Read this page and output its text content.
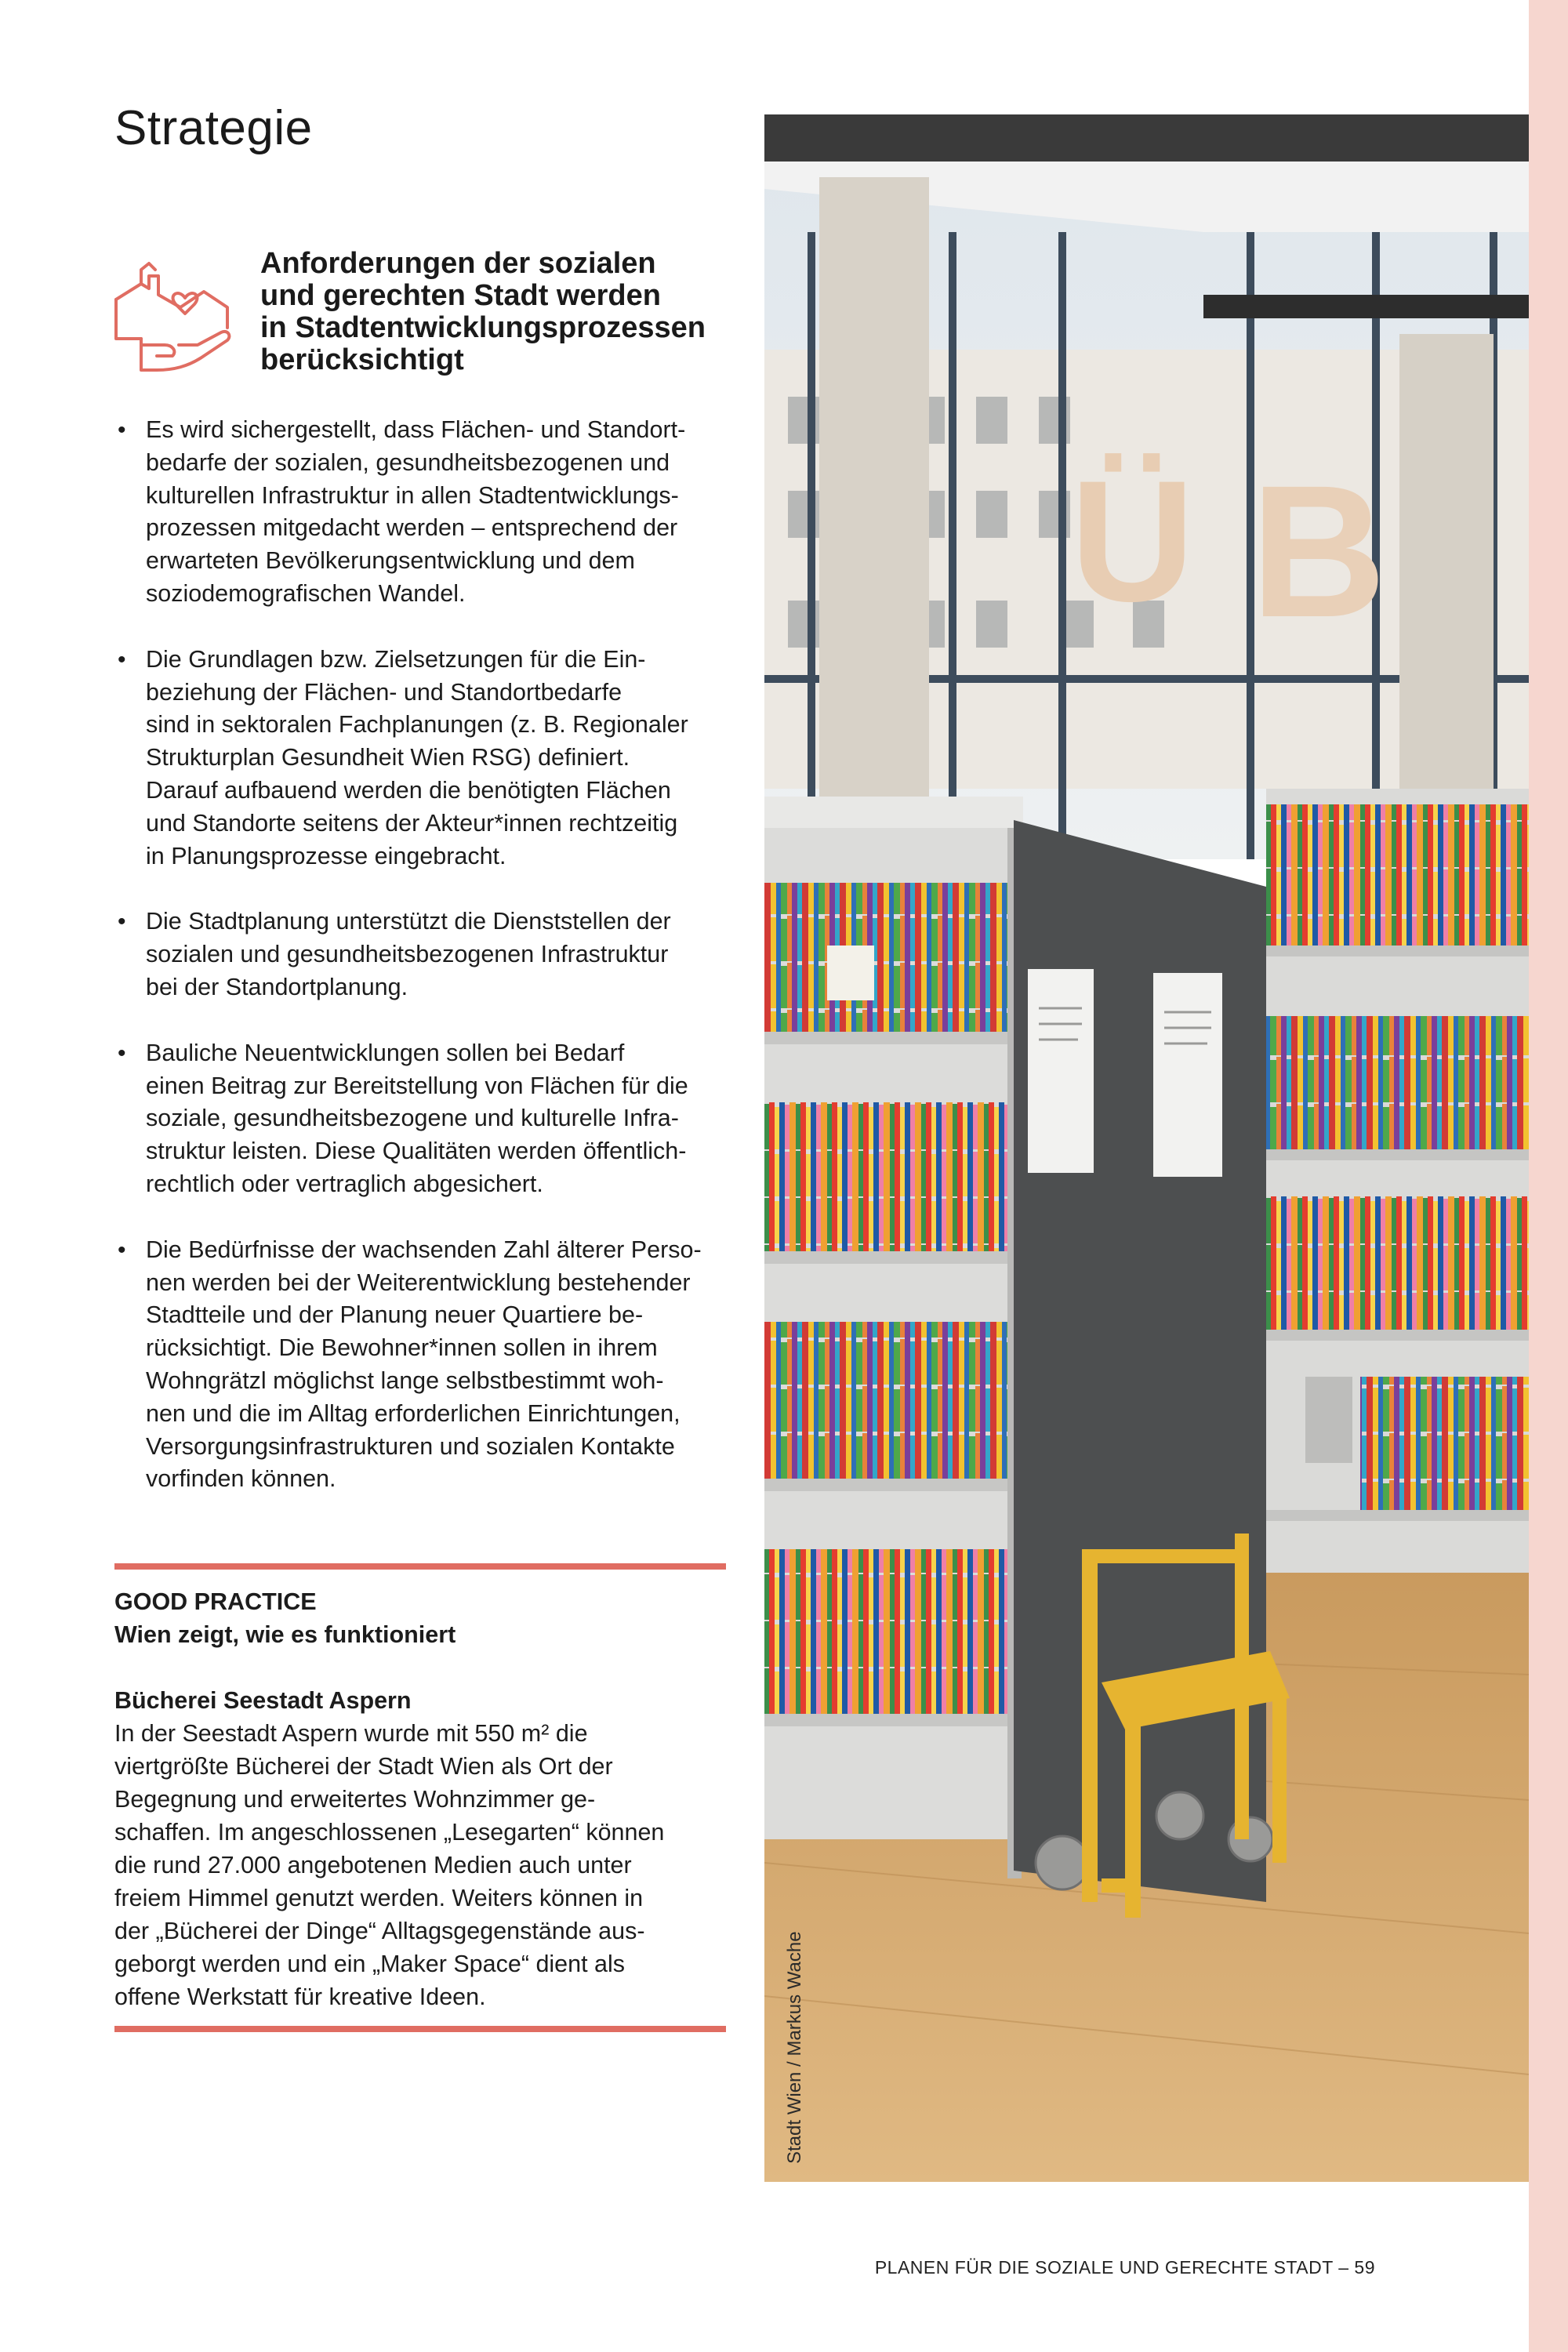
Strategie
Anforderungen der sozialen
und gerechten Stadt werden
in Stadtentwicklungsprozessen
berücksichtigt
• Es wird sichergestellt, dass Flächen- und Standort-
bedarfe der sozialen, gesundheitsbezogenen und
kulturellen Infrastruktur in allen Stadtentwicklungs-
prozessen mitgedacht werden – entsprechend der
erwarteten Bevölkerungsentwicklung und dem
soziodemografischen Wandel.
• Die Grundlagen bzw. Zielsetzungen für die Ein-
beziehung der Flächen- und Standortbedarfe
sind in sektoralen Fachplanungen (z. B. Regionaler
Strukturplan Gesundheit Wien RSG) definiert.
Darauf aufbauend werden die benötigten Flächen
und Standorte seitens der Akteur*innen rechtzeitig
in Planungsprozesse eingebracht.
• Die Stadtplanung unterstützt die Dienststellen der
sozialen und gesundheitsbezogenen Infrastruktur
bei der Standortplanung.
• Bauliche Neuentwicklungen sollen bei Bedarf
einen Beitrag zur Bereitstellung von Flächen für die
soziale, gesundheitsbezogene und kulturelle Infra-
struktur leisten. Diese Qualitäten werden öffentlich-
rechtlich oder vertraglich abgesichert.
• Die Bedürfnisse der wachsenden Zahl älterer Perso-
nen werden bei der Weiterentwicklung bestehender
Stadtteile und der Planung neuer Quartiere be-
rücksichtigt. Die Bewohner*innen sollen in ihrem
Wohngrätzl möglichst lange selbstbestimmt woh-
nen und die im Alltag erforderlichen Einrichtungen,
Versorgungsinfrastrukturen und sozialen Kontakte
vorfinden können.

GOOD PRACTICE

Wien zeigt, wie es funktioniert

Bücherei Seestadt Aspern

In der Seestadt Aspern wurde mit 550 m² die
viertgrößte Bücherei der Stadt Wien als Ort der
Begegnung und erweitertes Wohnzimmer ge-
schaffen. Im angeschlossenen „Lesegarten“ können
die rund 27.000 angebotenen Medien auch unter
freiem Himmel genutzt werden. Weiters können in
der „Bücherei der Dinge“ Alltagsgegenstände aus-
geborgt werden und ein „Maker Space“ dient als
offene Werkstatt für kreative Ideen.

Ü B
Stadt Wien / Markus Wache
PLANEN FÜR DIE SOZIALE UND GERECHTE STADT – 59
